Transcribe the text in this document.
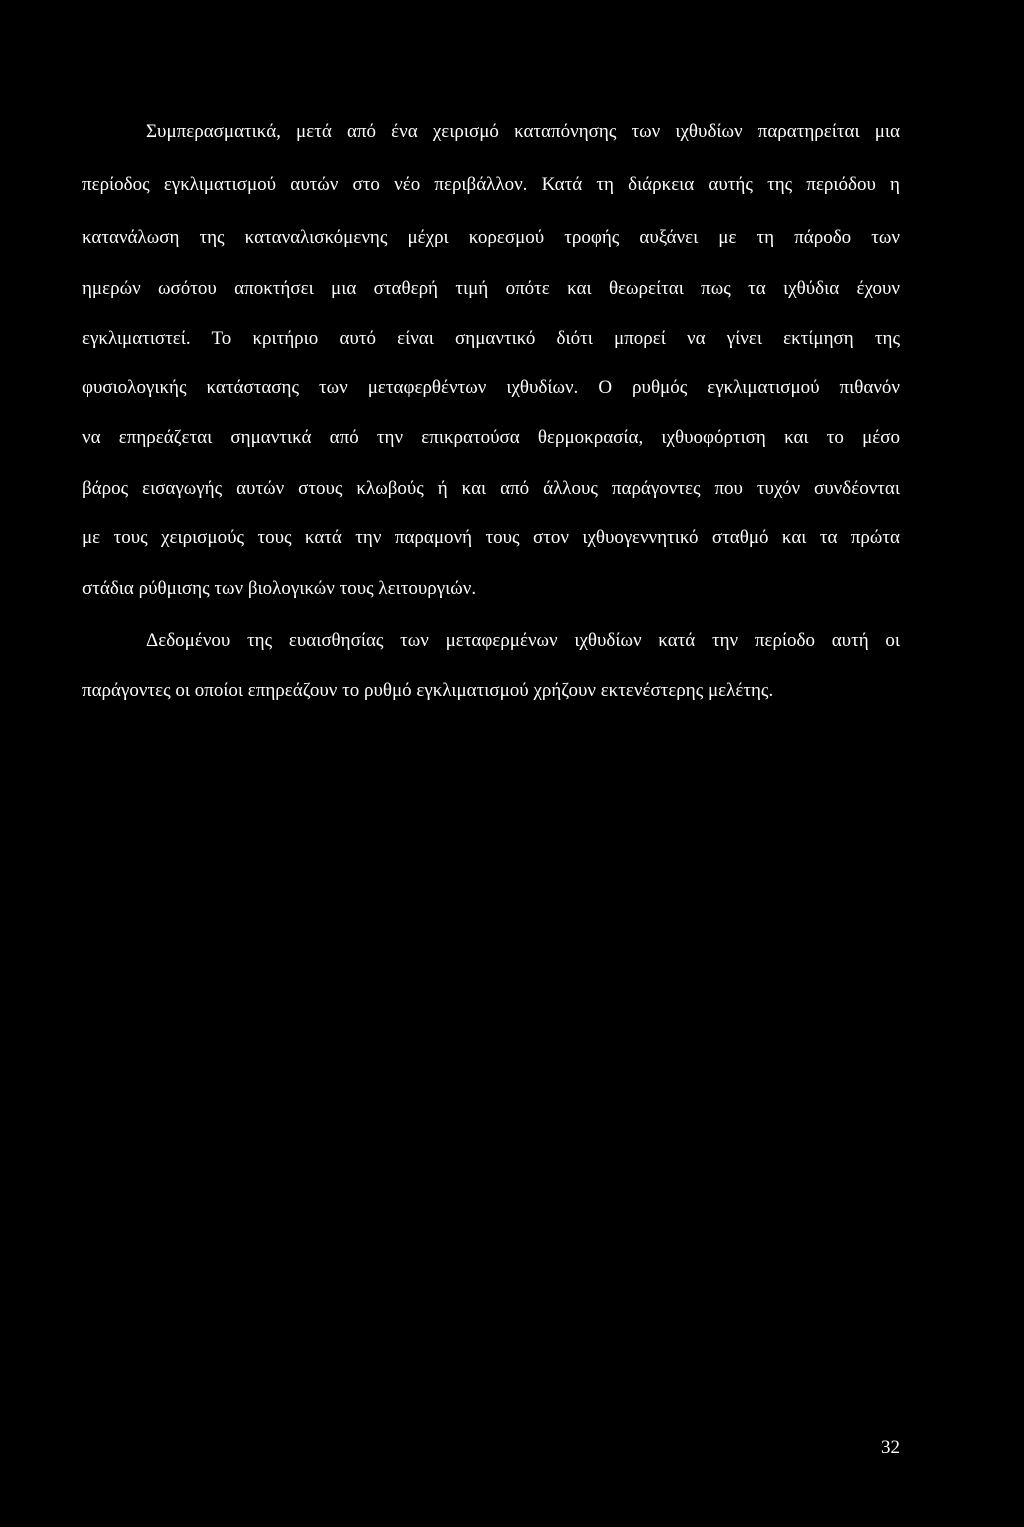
Συμπερασματικά, μετά από ένα χειρισμό καταπόνησης των ιχθυδίων παρατηρείται μια
περίοδος εγκλιματισμού αυτών στο νέο περιβάλλον. Κατά τη διάρκεια αυτής της περιόδου η
κατανάλωση της καταναλισκόμενης μέχρι κορεσμού τροφής αυξάνει με τη πάροδο των
ημερών ωσότου αποκτήσει μια σταθερή τιμή οπότε και θεωρείται πως τα ιχθύδια έχουν
εγκλιματιστεί. Το κριτήριο αυτό είναι σημαντικό διότι μπορεί να γίνει εκτίμηση της
φυσιολογικής κατάστασης των μεταφερθέντων ιχθυδίων. Ο ρυθμός εγκλιματισμού πιθανόν
να επηρεάζεται σημαντικά από την επικρατούσα θερμοκρασία, ιχθυοφόρτιση και το μέσο
βάρος εισαγωγής αυτών στους κλωβούς ή και από άλλους παράγοντες που τυχόν συνδέονται
με τους χειρισμούς τους κατά την παραμονή τους στον ιχθυογεννητικό σταθμό και τα πρώτα
στάδια ρύθμισης των βιολογικών τους λειτουργιών.
Δεδομένου της ευαισθησίας των μεταφερμένων ιχθυδίων κατά την περίοδο αυτή οι
παράγοντες οι οποίοι επηρεάζουν το ρυθμό εγκλιματισμού χρήζουν εκτενέστερης μελέτης.
32
